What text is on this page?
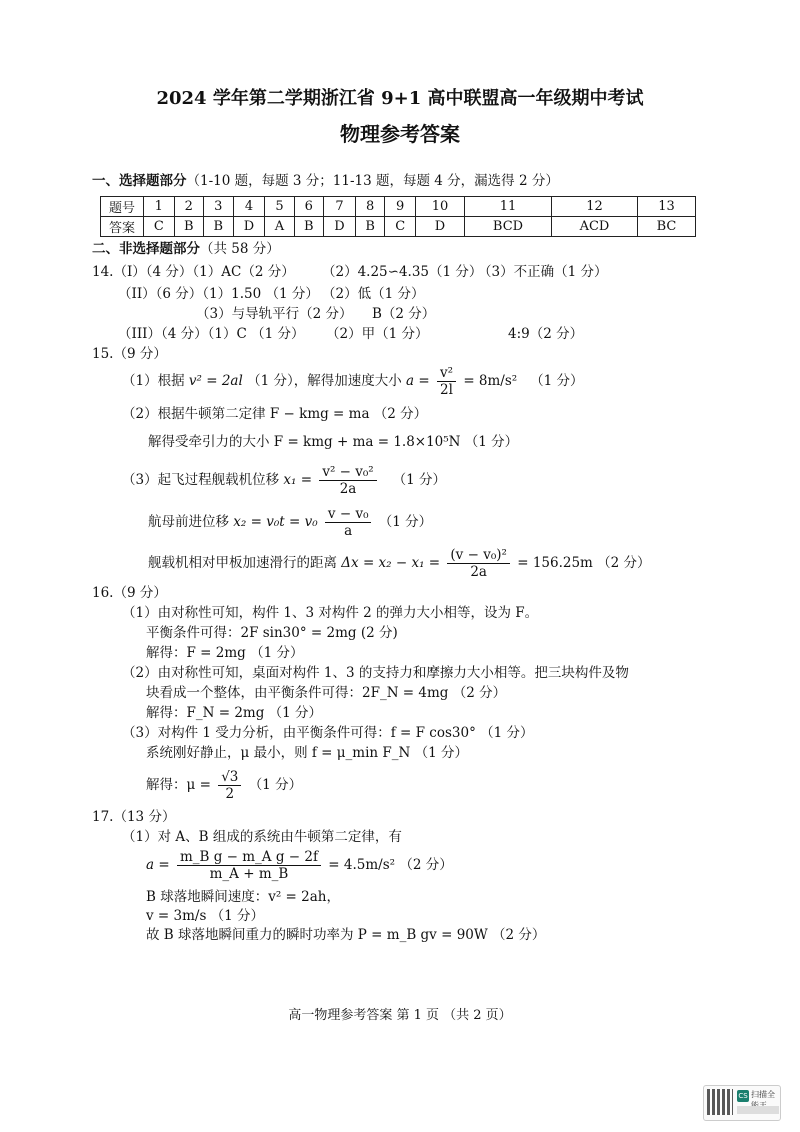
2024 学年第二学期浙江省 9+1 高中联盟高一年级期中考试
物理参考答案
一、选择题部分（1-10 题，每题 3 分；11-13 题，每题 4 分，漏选得 2 分）
题号	1	2	3	4	5	6	7	8	9	10	11	12	13
答案	C	B	B	D	A	B	D	B	C	D	BCD	ACD	BC
二、非选择题部分（共 58 分）
14.（I）（4 分）（1）AC（2 分） （2）4.25∽4.35（1 分）
（3）不正确（1 分）
（II）（6 分）（1）1.50 （1 分） （2）低（1 分）
（3）与导轨平行（2 分） B（2 分）
（III）（4 分）（1）C （1 分） （2）甲（1 分）	4:9（2 分）
15.（9 分）
（1）根据 v² = 2al （1 分），解得加速度大小 $a = \frac{\text{v²}}{2l} = 8m/s^2$ （1 分）
（2）根据牛顿第二定律 F − kmg = ma （2 分）
解得受牵引力的大小 F = kmg + ma = 1.8×10⁵N （1 分）
（3）起飞过程舰载机位移 $x_1 = \frac{\text{v² − v₀²}}{2a} (1$ 分）
航母前进位移 $x_2 = v_0t = v_0 \frac{\text{v − v₀}}{a} (1$ 分）
舰载机相对甲板加速滑行的距离 $\Delta x = x_2 - x_1 = \frac{\text{(v − v₀)²}}{2a} = 156.25m$ （2 分）
16.（9 分）
（1）由对称性可知，构件 1、3 对构件 2 的弹力大小相等，设为 F。
平衡条件可得：2F sin30° = 2mg (2 分)
解得：F = 2mg （1 分）
（2）由对称性可知，桌面对构件 1、3 的支持力和摩擦力大小相等。把三块构件及物
块看成一个整体，由平衡条件可得：2F_N = 4mg （2 分）
解得：F_N = 2mg （1 分）
（3）对构件 1 受力分析，由平衡条件可得：f = F cos30° （1 分）
系统刚好静止，μ 最小，则 f = μ_min F_N （1 分）
解得：$\mu = \frac{√3}{2} (1$ 分）
17.（13 分）
（1）对 A、B 组成的系统由牛顿第二定律，有
$a = \frac{\text{m\_B g − m\_A g − 2f}}{m\_A + m\_B} = 4.5m/s^2$ （2 分）
B 球落地瞬间速度：v² = 2ah，
v = 3m/s （1 分）
故 B 球落地瞬间重力的瞬时功率为 P = m_B gv = 90W （2 分）
高一物理参考答案 第 1 页 （共 2 页）
CS 扫描全
